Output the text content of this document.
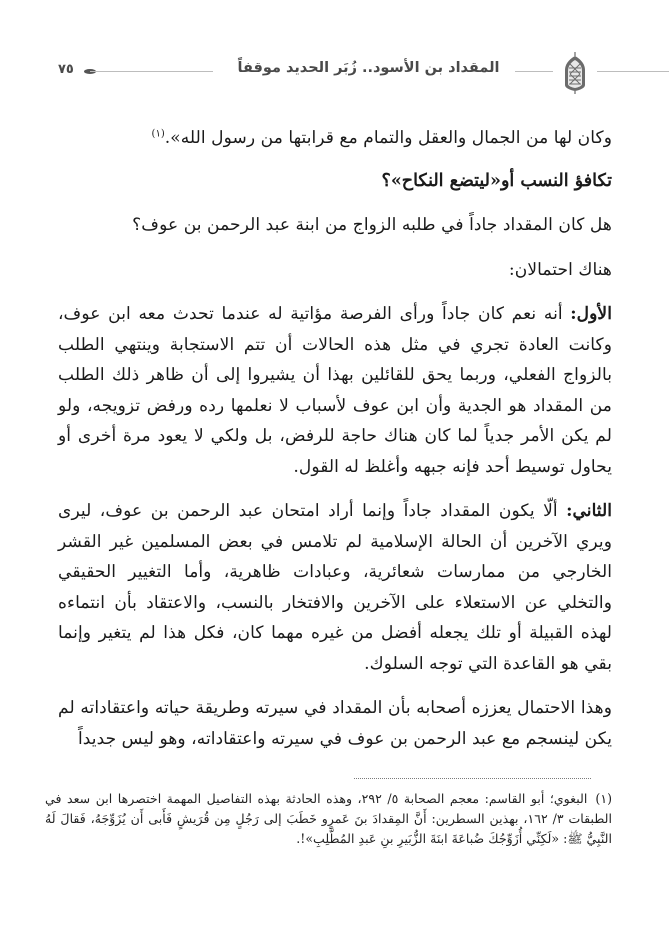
٧٥	المقداد بن الأسود.. زُبَر الحديد موقفاً

وكان لها من الجمال والعقل والتمام مع قرابتها من رسول الله».$^{(١)}$

تكافؤ النسب أو«ليتضع النكاح»؟

هل كان المقداد جاداً في طلبه الزواج من ابنة عبد الرحمن بن عوف؟

هناك احتمالان:

الأول: أنه نعم كان جاداً ورأى الفرصة مؤاتية له عندما تحدث معه ابن عوف، وكانت العادة تجري في مثل هذه الحالات أن تتم الاستجابة وينتهي الطلب بالزواج الفعلي، وربما يحق للقائلين بهذا أن يشيروا إلى أن ظاهر ذلك الطلب من المقداد هو الجدية وأن ابن عوف لأسباب لا نعلمها رده ورفض تزويجه، ولو لم يكن الأمر جدياً لما كان هناك حاجة للرفض، بل ولكي لا يعود مرة أخرى أو يحاول توسيط أحد فإنه جبهه وأغلظ له القول.

الثاني: ألّا يكون المقداد جاداً وإنما أراد امتحان عبد الرحمن بن عوف، ليرى ويري الآخرين أن الحالة الإسلامية لم تلامس في بعض المسلمين غير القشر الخارجي من ممارسات شعائرية، وعبادات ظاهرية، وأما التغيير الحقيقي والتخلي عن الاستعلاء على الآخرين والافتخار بالنسب، والاعتقاد بأن انتماءه لهذه القبيلة أو تلك يجعله أفضل من غيره مهما كان، فكل هذا لم يتغير وإنما بقي هو القاعدة التي توجه السلوك.

وهذا الاحتمال يعززه أصحابه بأن المقداد في سيرته وطريقة حياته واعتقاداته لم يكن لينسجم مع عبد الرحمن بن عوف في سيرته واعتقاداته، وهو ليس جديداً

(١)البغوي؛ أبو القاسم: معجم الصحابة ٥/ ٢٩٢، وهذه الحادثة بهذه التفاصيل المهمة اختصرها ابن سعد في الطبقات ٣/ ١٦٢، بهذين السطرين: أَنَّ المِقدادَ بنَ عَمرٍو خَطَبَ إلى رَجُلٍ مِن قُرَيشٍ فَأَبى أَن يُزَوِّجَهُ، فَقالَ لَهُ النَّبِيُّ ﷺ: «لَكِنِّي أُزَوِّجُكَ ضُباعَةَ ابنَةَ الزُّبَيرِ بنِ عَبدِ المُطَّلِبِ»!.
